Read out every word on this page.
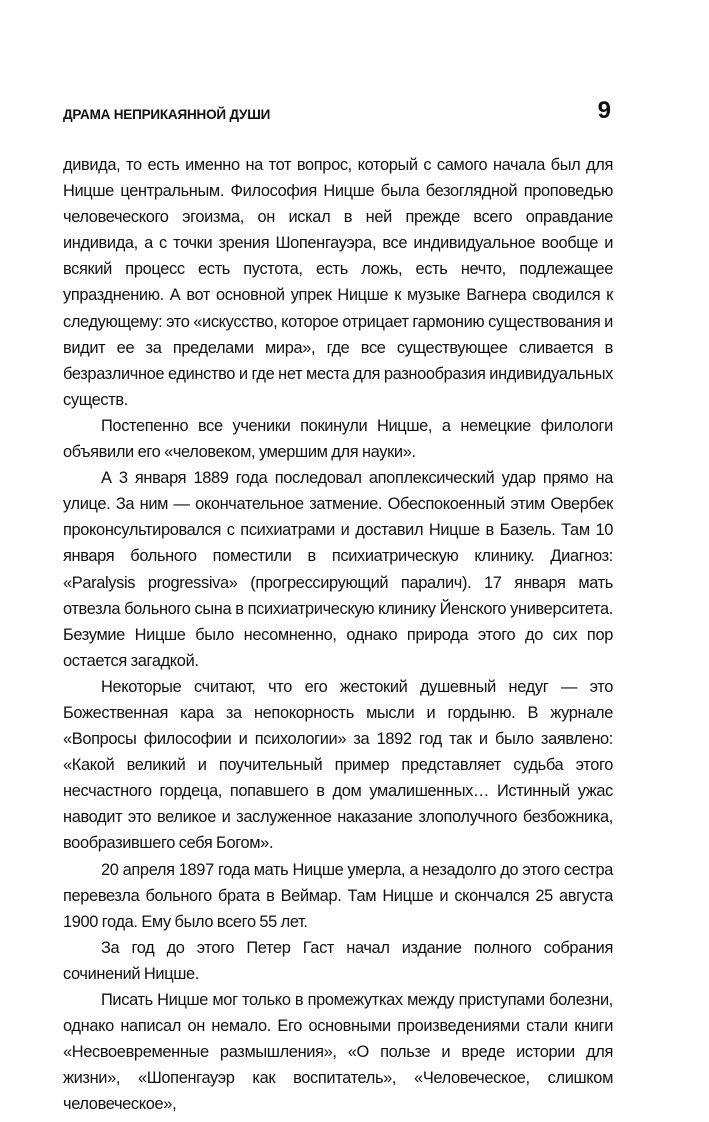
ДРАМА НЕПРИКАЯННОЙ ДУШИ	9

дивида, то есть именно на тот вопрос, который с самого начала был для Ницше центральным. Философия Ницше была безоглядной проповедью человеческого эгоизма, он искал в ней прежде всего оправдание индивида, а с точки зрения Шопенгауэра, все индивидуальное вообще и всякий процесс есть пустота, есть ложь, есть нечто, подлежащее упразднению. А вот основной упрек Ницше к музыке Вагнера сводился к следующему: это «искусство, которое отрицает гармонию существования и видит ее за пределами мира», где все существующее сливается в безразличное единство и где нет места для разнообразия индивидуальных существ.

Постепенно все ученики покинули Ницше, а немецкие филологи объявили его «человеком, умершим для науки».

А 3 января 1889 года последовал апоплексический удар прямо на улице. За ним — окончательное затмение. Обеспокоенный этим Овербек проконсультировался с психиатрами и доставил Ницше в Базель. Там 10 января больного поместили в психиатрическую клинику. Диагноз: «Paralysis progressiva» (прогрессирующий паралич). 17 января мать отвезла больного сына в психиатрическую клинику Йенского университета. Безумие Ницше было несомненно, однако природа этого до сих пор остается загадкой.

Некоторые считают, что его жестокий душевный недуг — это Божественная кара за непокорность мысли и гордыню. В журнале «Вопросы философии и психологии» за 1892 год так и было заявлено: «Какой великий и поучительный пример представляет судьба этого несчастного гордеца, попавшего в дом умалишенных… Истинный ужас наводит это великое и заслуженное наказание злополучного безбожника, вообразившего себя Богом».

20 апреля 1897 года мать Ницше умерла, а незадолго до этого сестра перевезла больного брата в Веймар. Там Ницше и скончался 25 августа 1900 года. Ему было всего 55 лет.

За год до этого Петер Гаст начал издание полного собрания сочинений Ницше.

Писать Ницше мог только в промежутках между приступами болезни, однако написал он немало. Его основными произведениями стали книги «Несвоевременные размышления», «О пользе и вреде истории для жизни», «Шопенгауэр как воспитатель», «Человеческое, слишком человеческое»,
